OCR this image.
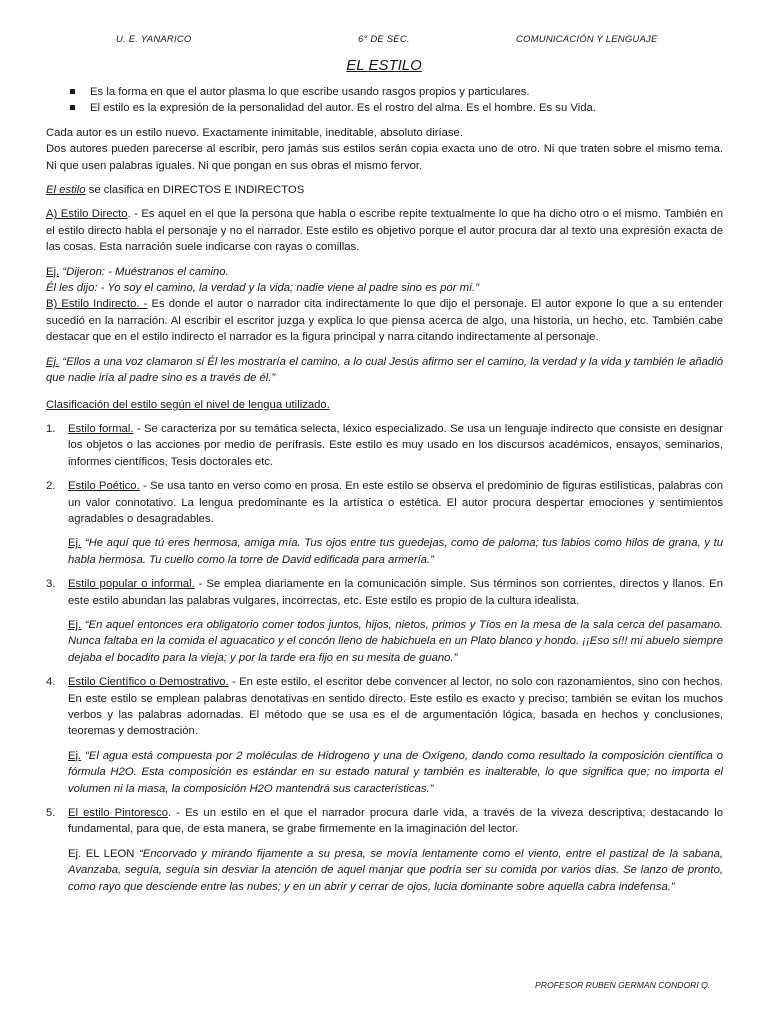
U. E. YANARICO	6° DE SEC.	COMUNICACIÓN Y LENGUAJE
EL ESTILO
Es la forma en que el autor plasma lo que escribe usando rasgos propios y particulares.
El estilo es la expresión de la personalidad del autor. Es el rostro del alma. Es el hombre. Es su Vida.

Cada autor es un estilo nuevo. Exactamente inimitable, ineditable, absoluto diríase.

Dos autores pueden parecerse al escribir, pero jamás sus estilos serán copia exacta uno de otro. Ni que traten sobre el mismo tema. Ni que usen palabras iguales. Ni que pongan en sus obras el mismo fervor.

El estilo se clasifica en DIRECTOS E INDIRECTOS

A) Estilo Directo. - Es aquel en el que la persona que habla o escribe repite textualmente lo que ha dicho otro o el mismo. También en el estilo directo habla el personaje y no el narrador. Este estilo es objetivo porque el autor procura dar al texto una expresión exacta de las cosas. Esta narración suele indicarse con rayas o comillas.

Ej. “Dijeron: - Muéstranos el camino.
Él les dijo: - Yo soy el camino, la verdad y la vida; nadie viene al padre sino es por mí.”

B) Estilo Indirecto. - Es donde el autor o narrador cita indirectamente lo que dijo el personaje. El autor expone lo que a su entender sucedió en la narración. Al escribir el escritor juzga y explica lo que piensa acerca de algo, una historia, un hecho, etc. También cabe destacar que en el estilo indirecto el narrador es la figura principal y narra citando indirectamente al personaje.

Ej. “Ellos a una voz clamaron si Él les mostraría el camino, a lo cual Jesús afirmo ser el camino, la verdad y la vida y también le añadió que nadie iría al padre sino es a través de él.”

Clasificación del estilo según el nivel de lengua utilizado.

1. Estilo formal. - Se caracteriza por su temática selecta, léxico especializado. Se usa un lenguaje indirecto que consiste en designar los objetos o las acciones por medio de perífrasis. Este estilo es muy usado en los discursos académicos, ensayos, seminarios, informes científicos, Tesis doctorales etc.

2. Estilo Poético. - Se usa tanto en verso como en prosa. En este estilo se observa el predominio de figuras estilísticas, palabras con un valor connotativo. La lengua predominante es la artística o estética. El autor procura despertar emociones y sentimientos agradables o desagradables.

Ej. “He aquí que tú eres hermosa, amiga mía. Tus ojos entre tus guedejas, como de paloma; tus labios como hilos de grana, y tu habla hermosa. Tu cuello como la torre de David edificada para armería.”

3. Estilo popular o informal. - Se emplea diariamente en la comunicación simple. Sus términos son corrientes, directos y llanos. En este estilo abundan las palabras vulgares, incorrectas, etc. Este estilo es propio de la cultura idealista.

Ej. “En aquel entonces era obligatorio comer todos juntos, hijos, nietos, primos y Tíos en la mesa de la sala cerca del pasamano. Nunca faltaba en la comida el aguacatico y el concón lleno de habichuela en un Plato blanco y hondo. ¡¡Eso sí!! mi abuelo siempre dejaba el bocadito para la vieja; y por la tarde era fijo en su mesita de guano.”

4. Estilo Científico o Demostrativo. - En este estilo, el escritor debe convencer al lector, no solo con razonamientos, sino con hechos. En este estilo se emplean palabras denotativas en sentido directo. Este estilo es exacto y preciso; también se evitan los muchos verbos y las palabras adornadas. El método que se usa es el de argumentación lógica, basada en hechos y conclusiones, teoremas y demostración.

Ej. “El agua está compuesta por 2 moléculas de Hidrogeno y una de Oxígeno, dando como resultado la composición científica o fórmula H2O. Esta composición es estándar en su estado natural y también es inalterable, lo que significa que; no importa el volumen ni la masa, la composición H2O mantendrá sus características.”

5. El estilo Pintoresco. - Es un estilo en el que el narrador procura darle vida, a través de la viveza descriptiva; destacando lo fundamental, para que, de esta manera, se grabe firmemente en la imaginación del lector.

Ej. EL LEON “Encorvado y mirando fijamente a su presa, se movía lentamente como el viento, entre el pastizal de la sabana, Avanzaba, seguía, seguía sin desviar la atención de aquel manjar que podría ser su comida por varios días. Se lanzo de pronto, como rayo que desciende entre las nubes; y en un abrir y cerrar de ojos, lucia dominante sobre aquella cabra indefensa.”

PROFESOR RUBEN GERMAN CONDORI Q.
